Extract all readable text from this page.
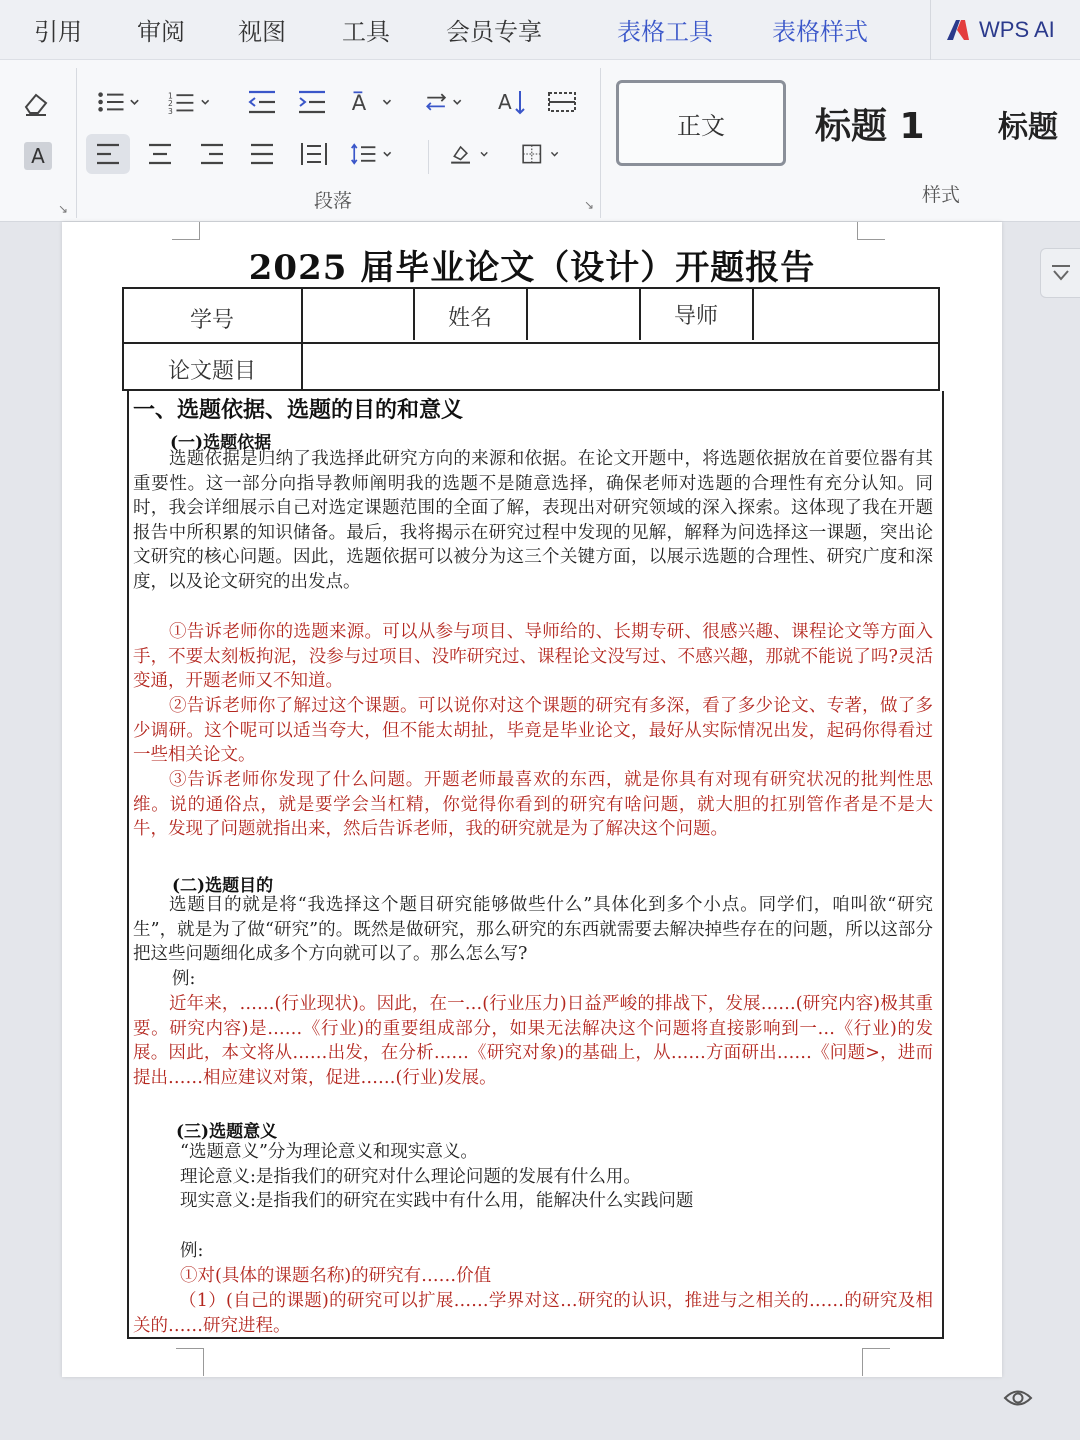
引用 审阅 视图 工具 会员专享	表格工具 表格样式	WPS AI
A
↘
1
2
3	A	A
段落	↘
正文	标题 1 标题
样式
2025 届毕业论文（设计）开题报告
学号	姓名	导师
论文题目
一、选题依据、选题的目的和意义
(一)选题依据
选题依据是归纳了我选择此研究方向的来源和依据。在论文开题中，将选题依据放在首要位器有其重要性。这一部分向指导教师阐明我的选题不是随意选择，确保老师对选题的合理性有充分认知。同时，我会详细展示自己对选定课题范围的全面了解，表现出对研究领域的深入探索。这体现了我在开题报告中所积累的知识储备。最后，我将揭示在研究过程中发现的见解，解释为问选择这一课题，突出论文研究的核心问题。因此，选题依据可以被分为这三个关键方面，以展示选题的合理性、研究广度和深度，以及论文研究的出发点。
①告诉老师你的选题来源。可以从参与项目、导师给的、长期专研、很感兴趣、课程论文等方面入手，不要太刻板拘泥，没参与过项目、没咋研究过、课程论文没写过、不感兴趣，那就不能说了吗?灵活变通，开题老师又不知道。
②告诉老师你了解过这个课题。可以说你对这个课题的研究有多深，看了多少论文、专著，做了多少调研。这个呢可以适当夸大，但不能太胡扯，毕竟是毕业论文，最好从实际情况出发，起码你得看过一些相关论文。
③告诉老师你发现了什么问题。开题老师最喜欢的东西，就是你具有对现有研究状况的批判性思维。说的通俗点，就是要学会当杠精，你觉得你看到的研究有啥问题，就大胆的扛别管作者是不是大牛，发现了问题就指出来，然后告诉老师，我的研究就是为了解决这个问题。
(二)选题目的
选题目的就是将“我选择这个题目研究能够做些什么”具体化到多个小点。同学们，咱叫欲“研究生”，就是为了做“研究”的。既然是做研究，那么研究的东西就需要去解决掉些存在的问题，所以这部分把这些问题细化成多个方向就可以了。那么怎么写?
例:
近年来，……(行业现状)。因此，在一…(行业压力)日益严峻的排战下，发展……(研究内容)极其重要。研究内容)是……《行业)的重要组成部分，如果无法解决这个问题将直接影响到一…《行业)的发展。因此，本文将从……出发，在分析……《研究对象)的基础上，从……方面研出……《问题>，进而提出……相应建议对策，促进……(行业)发展。
(三)选题意义
“选题意义”分为理论意义和现实意义。
理论意义:是指我们的研究对什么理论问题的发展有什么用。
现实意义:是指我们的研究在实践中有什么用，能解决什么实践问题
例:
①对(具体的课题名称)的研究有……价值
（1）(自己的课题)的研究可以扩展……学界对这…研究的认识，推进与之相关的……的研究及相关的……研究进程。
